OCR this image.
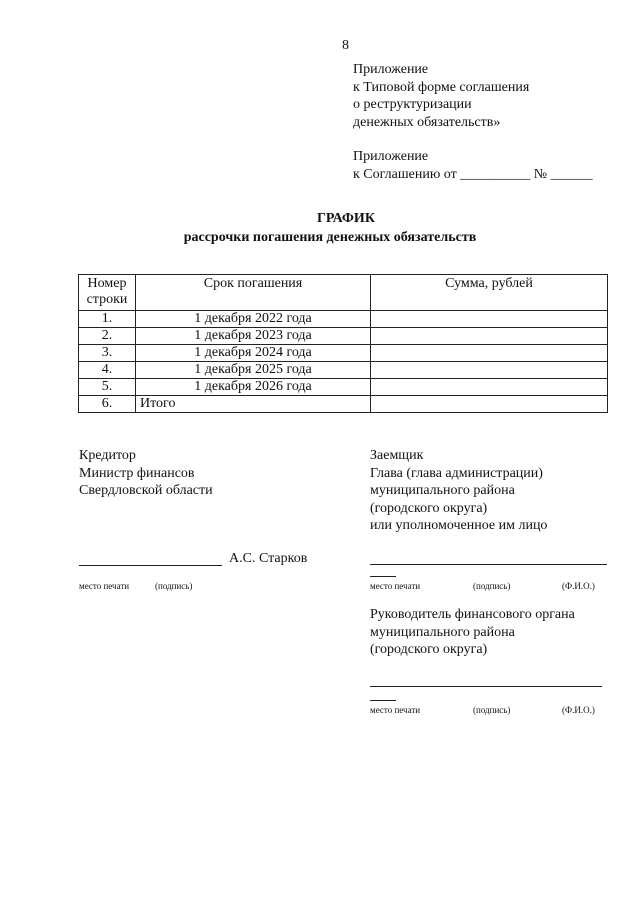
8
Приложение
к Типовой форме соглашения
о реструктуризации
денежных обязательств»
Приложение
к Соглашению от __________ № ______
ГРАФИК
рассрочки погашения денежных обязательств
Номер
строки	Срок погашения	Сумма, рублей
1.	1 декабря 2022 года	
2.	1 декабря 2023 года	
3.	1 декабря 2024 года	
4.	1 декабря 2025 года	
5.	1 декабря 2026 года	
6.	Итого	
Кредитор
Министр финансов
Свердловской области
Заемщик
Глава (глава администрации)
муниципального района
(городского округа)
или уполномоченное им лицо
А.С. Старков
место печати	(подпись)	место печати	(подпись)	(Ф.И.О.)
Руководитель финансового органа
муниципального района
(городского округа)
место печати	(подпись)	(Ф.И.О.)
